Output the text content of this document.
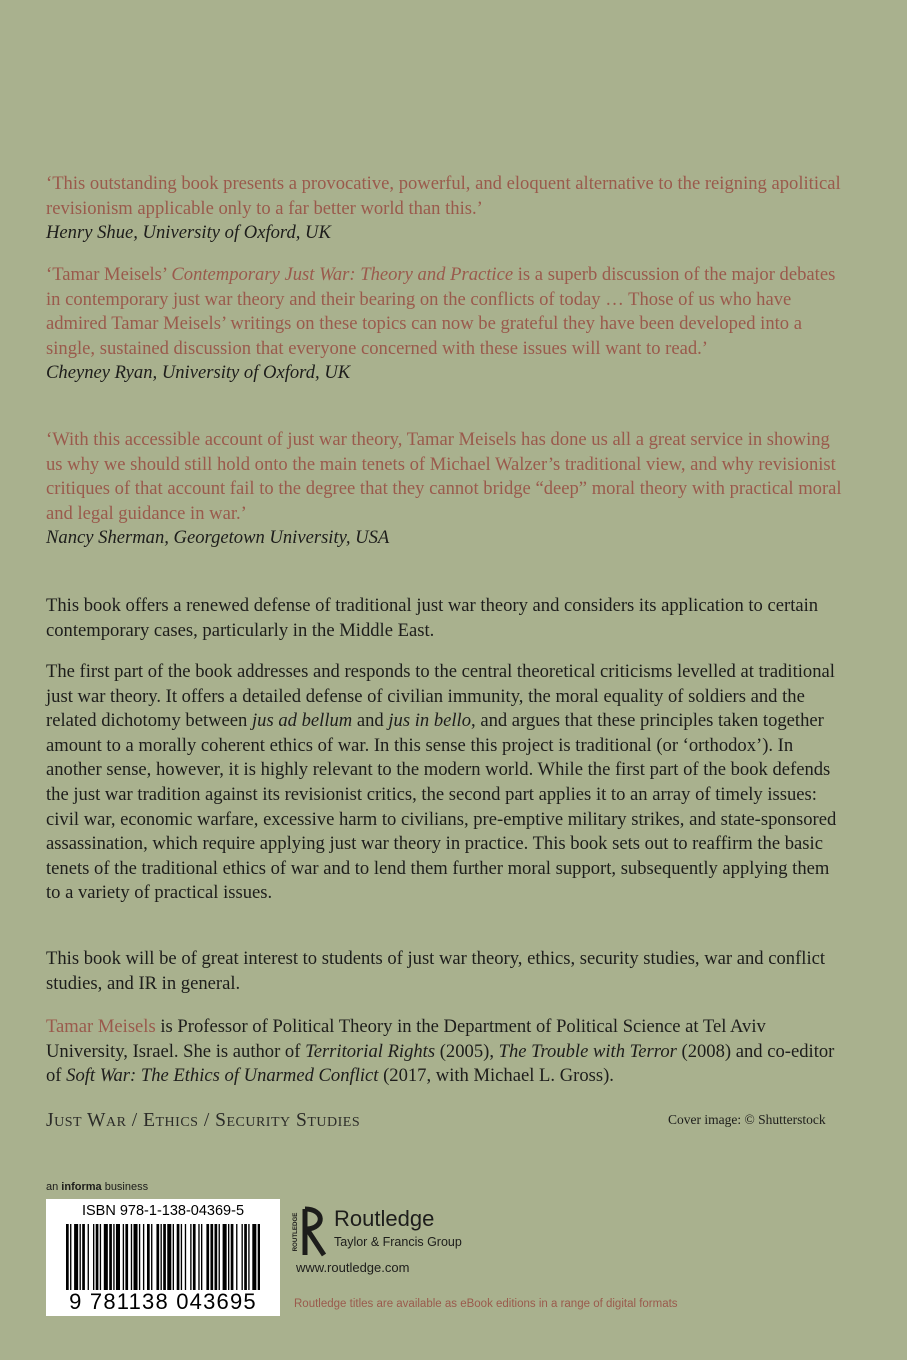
‘This outstanding book presents a provocative, powerful, and eloquent alternative to the reigning apolitical revisionism applicable only to a far better world than this.’
Henry Shue, University of Oxford, UK
‘Tamar Meisels’ Contemporary Just War: Theory and Practice is a superb discussion of the major debates in contemporary just war theory and their bearing on the conflicts of today … Those of us who have admired Tamar Meisels’ writings on these topics can now be grateful they have been developed into a single, sustained discussion that everyone concerned with these issues will want to read.’
Cheyney Ryan, University of Oxford, UK
‘With this accessible account of just war theory, Tamar Meisels has done us all a great service in showing us why we should still hold onto the main tenets of Michael Walzer’s traditional view, and why revisionist critiques of that account fail to the degree that they cannot bridge “deep” moral theory with practical moral and legal guidance in war.’
Nancy Sherman, Georgetown University, USA
This book offers a renewed defense of traditional just war theory and considers its application to certain contemporary cases, particularly in the Middle East.
The first part of the book addresses and responds to the central theoretical criticisms levelled at traditional just war theory. It offers a detailed defense of civilian immunity, the moral equality of soldiers and the related dichotomy between jus ad bellum and jus in bello, and argues that these principles taken together amount to a morally coherent ethics of war. In this sense this project is traditional (or ‘orthodox’). In another sense, however, it is highly relevant to the modern world. While the first part of the book defends the just war tradition against its revisionist critics, the second part applies it to an array of timely issues: civil war, economic warfare, excessive harm to civilians, pre-emptive military strikes, and state-sponsored assassination, which require applying just war theory in practice. This book sets out to reaffirm the basic tenets of the traditional ethics of war and to lend them further moral support, subsequently applying them to a variety of practical issues.
This book will be of great interest to students of just war theory, ethics, security studies, war and conflict studies, and IR in general.
Tamar Meisels is Professor of Political Theory in the Department of Political Science at Tel Aviv University, Israel. She is author of Territorial Rights (2005), The Trouble with Terror (2008) and co-editor of Soft War: The Ethics of Unarmed Conflict (2017, with Michael L. Gross).
Just War / Ethics / Security Studies	Cover image: © Shutterstock
an informa business
ISBN 978-1-138-04369-5
9 781138 043695
ROUTLEDGE Routledge
Taylor & Francis Group
www.routledge.com
Routledge titles are available as eBook editions in a range of digital formats
